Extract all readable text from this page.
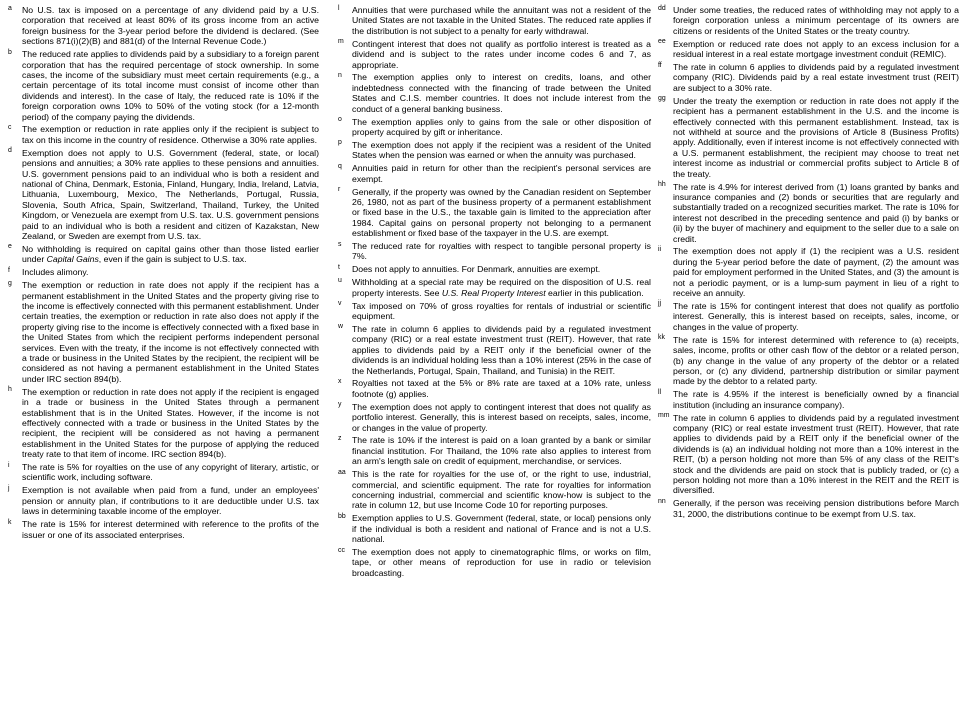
a No U.S. tax is imposed on a percentage of any dividend paid by a U.S. corporation that received at least 80% of its gross income from an active foreign business for the 3-year period before the dividend is declared. (See sections 871(i)(2)(B) and 881(d) of the Internal Revenue Code.)
b The reduced rate applies to dividends paid by a subsidiary to a foreign parent corporation that has the required percentage of stock ownership. In some cases, the income of the subsidiary must meet certain requirements (e.g., a certain percentage of its total income must consist of income other than dividends and interest). In the case of Italy, the reduced rate is 10% if the foreign corporation owns 10% to 50% of the voting stock (for a 12-month period) of the company paying the dividends.
c The exemption or reduction in rate applies only if the recipient is subject to tax on this income in the country of residence. Otherwise a 30% rate applies.
d Exemption does not apply to U.S. Government (federal, state, or local) pensions and annuities; a 30% rate applies to these pensions and annuities. U.S. government pensions paid to an individual who is both a resident and national of China, Denmark, Estonia, Finland, Hungary, India, Ireland, Latvia, Lithuania, Luxembourg, Mexico, The Netherlands, Portugal, Russia, Slovenia, South Africa, Spain, Switzerland, Thailand, Turkey, the United Kingdom, or Venezuela are exempt from U.S. tax. U.S. government pensions paid to an individual who is both a resident and citizen of Kazakstan, New Zealand, or Sweden are exempt from U.S. tax.
e No withholding is required on capital gains other than those listed earlier under Capital Gains, even if the gain is subject to U.S. tax.
f Includes alimony.
g The exemption or reduction in rate does not apply if the recipient has a permanent establishment in the United States and the property giving rise to the income is effectively connected with this permanent establishment. Under certain treaties, the exemption or reduction in rate also does not apply if the property giving rise to the income is effectively connected with a fixed base in the United States from which the recipient performs independent personal services. Even with the treaty, if the income is not effectively connected with a trade or business in the United States by the recipient, the recipient will be considered as not having a permanent establishment in the United States under IRC section 894(b).
h The exemption or reduction in rate does not apply if the recipient is engaged in a trade or business in the United States through a permanent establishment that is in the United States. However, if the income is not effectively connected with a trade or business in the United States by the recipient, the recipient will be considered as not having a permanent establishment in the United States for the purpose of applying the reduced treaty rate to that item of income. IRC section 894(b).
i The rate is 5% for royalties on the use of any copyright of literary, artistic, or scientific work, including software.
j Exemption is not available when paid from a fund, under an employees' pension or annuity plan, if contributions to it are deductible under U.S. tax laws in determining taxable income of the employer.
k The rate is 15% for interest determined with reference to the profits of the issuer or one of its associated enterprises.
l Annuities that were purchased while the annuitant was not a resident of the United States are not taxable in the United States. The reduced rate applies if the distribution is not subject to a penalty for early withdrawal.
m Contingent interest that does not qualify as portfolio interest is treated as a dividend and is subject to the rates under income codes 6 and 7, as appropriate.
n The exemption applies only to interest on credits, loans, and other indebtedness connected with the financing of trade between the United States and C.I.S. member countries. It does not include interest from the conduct of a general banking business.
o The exemption applies only to gains from the sale or other disposition of property acquired by gift or inheritance.
p The exemption does not apply if the recipient was a resident of the United States when the pension was earned or when the annuity was purchased.
q Annuities paid in return for other than the recipient's personal services are exempt.
r Generally, if the property was owned by the Canadian resident on September 26, 1980, not as part of the business property of a permanent establishment or fixed base in the U.S., the taxable gain is limited to the appreciation after 1984. Capital gains on personal property not belonging to a permanent establishment or fixed base of the taxpayer in the U.S. are exempt.
s The reduced rate for royalties with respect to tangible personal property is 7%.
t Does not apply to annuities. For Denmark, annuities are exempt.
u Withholding at a special rate may be required on the disposition of U.S. real property interests. See U.S. Real Property Interest earlier in this publication.
v Tax imposed on 70% of gross royalties for rentals of industrial or scientific equipment.
w The rate in column 6 applies to dividends paid by a regulated investment company (RIC) or a real estate investment trust (REIT). However, that rate applies to dividends paid by a REIT only if the beneficial owner of the dividends is an individual holding less than a 10% interest (25% in the case of the Netherlands, Portugal, Spain, Thailand, and Tunisia) in the REIT.
x Royalties not taxed at the 5% or 8% rate are taxed at a 10% rate, unless footnote (g) applies.
y The exemption does not apply to contingent interest that does not qualify as portfolio interest. Generally, this is interest based on receipts, sales, income, or changes in the value of property.
z The rate is 10% if the interest is paid on a loan granted by a bank or similar financial institution. For Thailand, the 10% rate also applies to interest from an arm's length sale on credit of equipment, merchandise, or services.
aa This is the rate for royalties for the use of, or the right to use, industrial, commercial, and scientific equipment. The rate for royalties for information concerning industrial, commercial and scientific know-how is subject to the rate in column 12, but use Income Code 10 for reporting purposes.
bb Exemption applies to U.S. Government (federal, state, or local) pensions only if the individual is both a resident and national of France and is not a U.S. national.
cc The exemption does not apply to cinematographic films, or works on film, tape, or other means of reproduction for use in radio or television broadcasting.
dd Under some treaties, the reduced rates of withholding may not apply to a foreign corporation unless a minimum percentage of its owners are citizens or residents of the United States or the treaty country.
ee Exemption or reduced rate does not apply to an excess inclusion for a residual interest in a real estate mortgage investment conduit (REMIC).
ff The rate in column 6 applies to dividends paid by a regulated investment company (RIC). Dividends paid by a real estate investment trust (REIT) are subject to a 30% rate.
gg Under the treaty the exemption or reduction in rate does not apply if the recipient has a permanent establishment in the U.S. and the income is effectively connected with this permanent establishment. Instead, tax is not withheld at source and the provisions of Article 8 (Business Profits) apply. Additionally, even if interest income is not effectively connected with a U.S. permanent establishment, the recipient may choose to treat net interest income as industrial or commercial profits subject to Article 8 of the treaty.
hh The rate is 4.9% for interest derived from (1) loans granted by banks and insurance companies and (2) bonds or securities that are regularly and substantially traded on a recognized securities market. The rate is 10% for interest not described in the preceding sentence and paid (i) by banks or (ii) by the buyer of machinery and equipment to the seller due to a sale on credit.
ii The exemption does not apply if (1) the recipient was a U.S. resident during the 5-year period before the date of payment, (2) the amount was paid for employment performed in the United States, and (3) the amount is not a periodic payment, or is a lump-sum payment in lieu of a right to receive an annuity.
jj The rate is 15% for contingent interest that does not qualify as portfolio interest. Generally, this is interest based on receipts, sales, income, or changes in the value of property.
kk The rate is 15% for interest determined with reference to (a) receipts, sales, income, profits or other cash flow of the debtor or a related person, (b) any change in the value of any property of the debtor or a related person, or (c) any dividend, partnership distribution or similar payment made by the debtor to a related party.
ll The rate is 4.95% if the interest is beneficially owned by a financial institution (including an insurance company).
mm The rate in column 6 applies to dividends paid by a regulated investment company (RIC) or real estate investment trust (REIT). However, that rate applies to dividends paid by a REIT only if the beneficial owner of the dividends is (a) an individual holding not more than a 10% interest in the REIT, (b) a person holding not more than 5% of any class of the REIT's stock and the dividends are paid on stock that is publicly traded, or (c) a person holding not more than a 10% interest in the REIT and the REIT is diversified.
nn Generally, if the person was receiving pension distributions before March 31, 2000, the distributions continue to be exempt from U.S. tax.
